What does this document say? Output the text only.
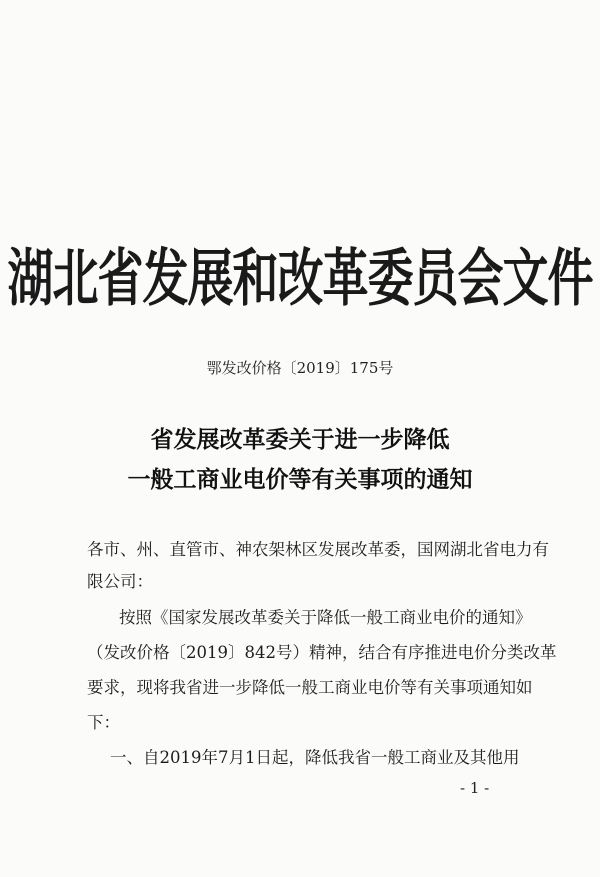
湖北省发展和改革委员会文件
鄂发改价格〔2019〕175号
省发展改革委关于进一步降低
一般工商业电价等有关事项的通知
各市、州、直管市、神农架林区发展改革委，国网湖北省电力有
限公司：
按照《国家发展改革委关于降低一般工商业电价的通知》
（发改价格〔2019〕842号）精神，结合有序推进电价分类改革
要求，现将我省进一步降低一般工商业电价等有关事项通知如
下：
一、自2019年7月1日起，降低我省一般工商业及其他用
- 1 -
